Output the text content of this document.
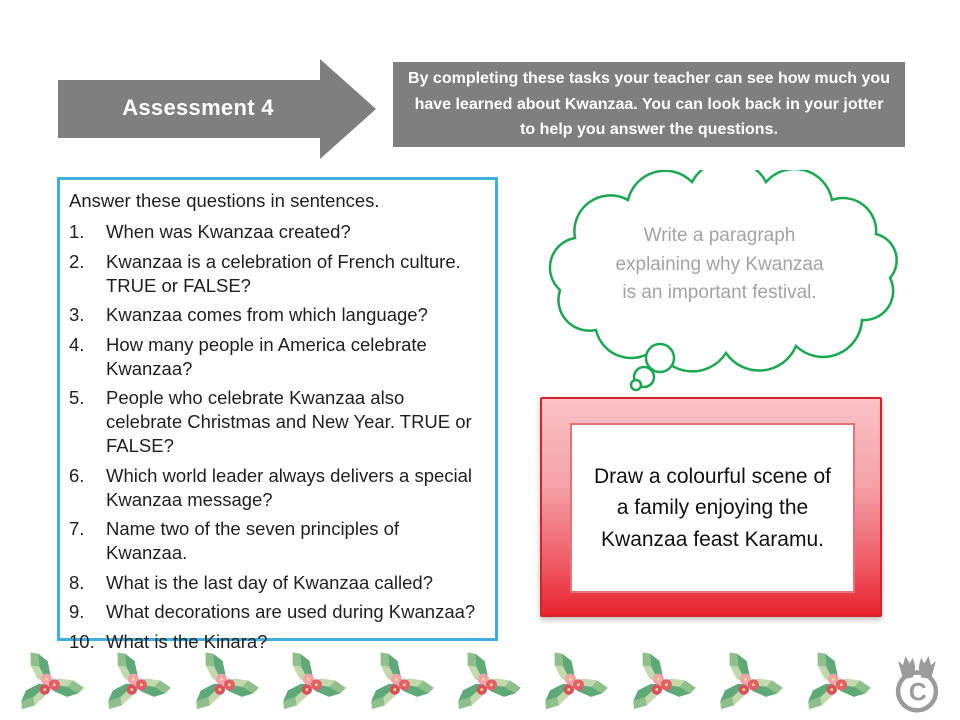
Assessment 4
By completing these tasks your teacher can see how much you have learned about Kwanzaa. You can look back in your jotter to help you answer the questions.

Answer these questions in sentences.

1.	When was Kwanzaa created?
2.	Kwanzaa is a celebration of French culture. TRUE or FALSE?
3.	Kwanzaa comes from which language?
4.	How many people in America celebrate Kwanzaa?
5.	People who celebrate Kwanzaa also celebrate Christmas and New Year. TRUE or FALSE?
6.	Which world leader always delivers a special Kwanzaa message?
7.	Name two of the seven principles of Kwanzaa.
8.	What is the last day of Kwanzaa called?
9.	What decorations are used during Kwanzaa?
10. What is the Kinara?
Write a paragraph explaining why Kwanzaa is an important festival.
Draw a colourful scene of a family enjoying the Kwanzaa feast Karamu.
C
